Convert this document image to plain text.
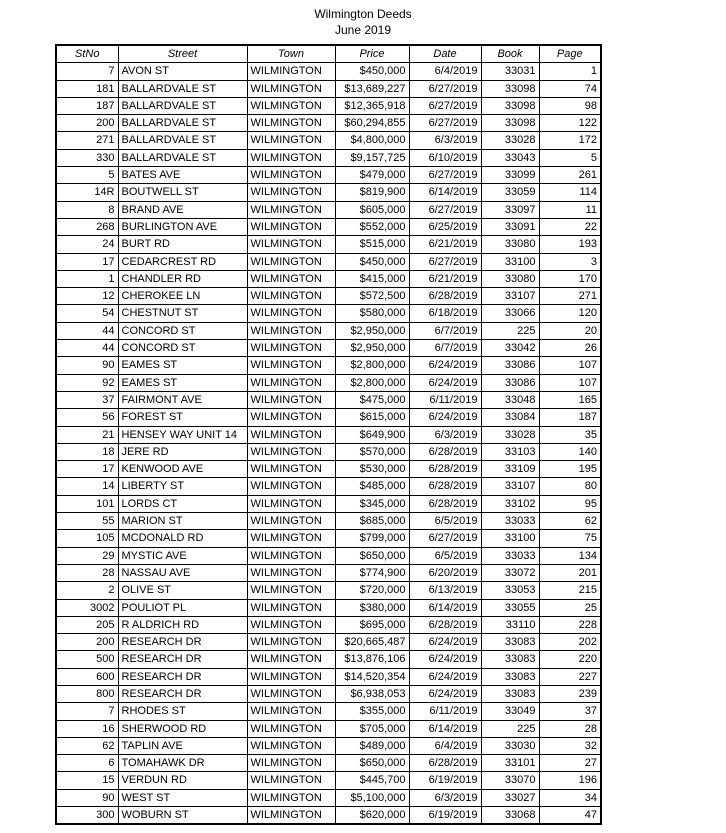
Wilmington Deeds
June 2019
StNo	Street	Town	Price	Date	Book	Page
7	AVON ST	WILMINGTON	$450,000	6/4/2019	33031	1
181	BALLARDVALE ST	WILMINGTON	$13,689,227	6/27/2019	33098	74
187	BALLARDVALE ST	WILMINGTON	$12,365,918	6/27/2019	33098	98
200	BALLARDVALE ST	WILMINGTON	$60,294,855	6/27/2019	33098	122
271	BALLARDVALE ST	WILMINGTON	$4,800,000	6/3/2019	33028	172
330	BALLARDVALE ST	WILMINGTON	$9,157,725	6/10/2019	33043	5
5	BATES AVE	WILMINGTON	$479,000	6/27/2019	33099	261
14R	BOUTWELL ST	WILMINGTON	$819,900	6/14/2019	33059	114
8	BRAND AVE	WILMINGTON	$605,000	6/27/2019	33097	11
268	BURLINGTON AVE	WILMINGTON	$552,000	6/25/2019	33091	22
24	BURT RD	WILMINGTON	$515,000	6/21/2019	33080	193
17	CEDARCREST RD	WILMINGTON	$450,000	6/27/2019	33100	3
1	CHANDLER RD	WILMINGTON	$415,000	6/21/2019	33080	170
12	CHEROKEE LN	WILMINGTON	$572,500	6/28/2019	33107	271
54	CHESTNUT ST	WILMINGTON	$580,000	6/18/2019	33066	120
44	CONCORD ST	WILMINGTON	$2,950,000	6/7/2019	225	20
44	CONCORD ST	WILMINGTON	$2,950,000	6/7/2019	33042	26
90	EAMES ST	WILMINGTON	$2,800,000	6/24/2019	33086	107
92	EAMES ST	WILMINGTON	$2,800,000	6/24/2019	33086	107
37	FAIRMONT AVE	WILMINGTON	$475,000	6/11/2019	33048	165
56	FOREST ST	WILMINGTON	$615,000	6/24/2019	33084	187
21	HENSEY WAY UNIT 14	WILMINGTON	$649,900	6/3/2019	33028	35
18	JERE RD	WILMINGTON	$570,000	6/28/2019	33103	140
17	KENWOOD AVE	WILMINGTON	$530,000	6/28/2019	33109	195
14	LIBERTY ST	WILMINGTON	$485,000	6/28/2019	33107	80
101	LORDS CT	WILMINGTON	$345,000	6/28/2019	33102	95
55	MARION ST	WILMINGTON	$685,000	6/5/2019	33033	62
105	MCDONALD RD	WILMINGTON	$799,000	6/27/2019	33100	75
29	MYSTIC AVE	WILMINGTON	$650,000	6/5/2019	33033	134
28	NASSAU AVE	WILMINGTON	$774,900	6/20/2019	33072	201
2	OLIVE ST	WILMINGTON	$720,000	6/13/2019	33053	215
3002	POULIOT PL	WILMINGTON	$380,000	6/14/2019	33055	25
205	R ALDRICH RD	WILMINGTON	$695,000	6/28/2019	33110	228
200	RESEARCH DR	WILMINGTON	$20,665,487	6/24/2019	33083	202
500	RESEARCH DR	WILMINGTON	$13,876,106	6/24/2019	33083	220
600	RESEARCH DR	WILMINGTON	$14,520,354	6/24/2019	33083	227
800	RESEARCH DR	WILMINGTON	$6,938,053	6/24/2019	33083	239
7	RHODES ST	WILMINGTON	$355,000	6/11/2019	33049	37
16	SHERWOOD RD	WILMINGTON	$705,000	6/14/2019	225	28
62	TAPLIN AVE	WILMINGTON	$489,000	6/4/2019	33030	32
6	TOMAHAWK DR	WILMINGTON	$650,000	6/28/2019	33101	27
15	VERDUN RD	WILMINGTON	$445,700	6/19/2019	33070	196
90	WEST ST	WILMINGTON	$5,100,000	6/3/2019	33027	34
300	WOBURN ST	WILMINGTON	$620,000	6/19/2019	33068	47
